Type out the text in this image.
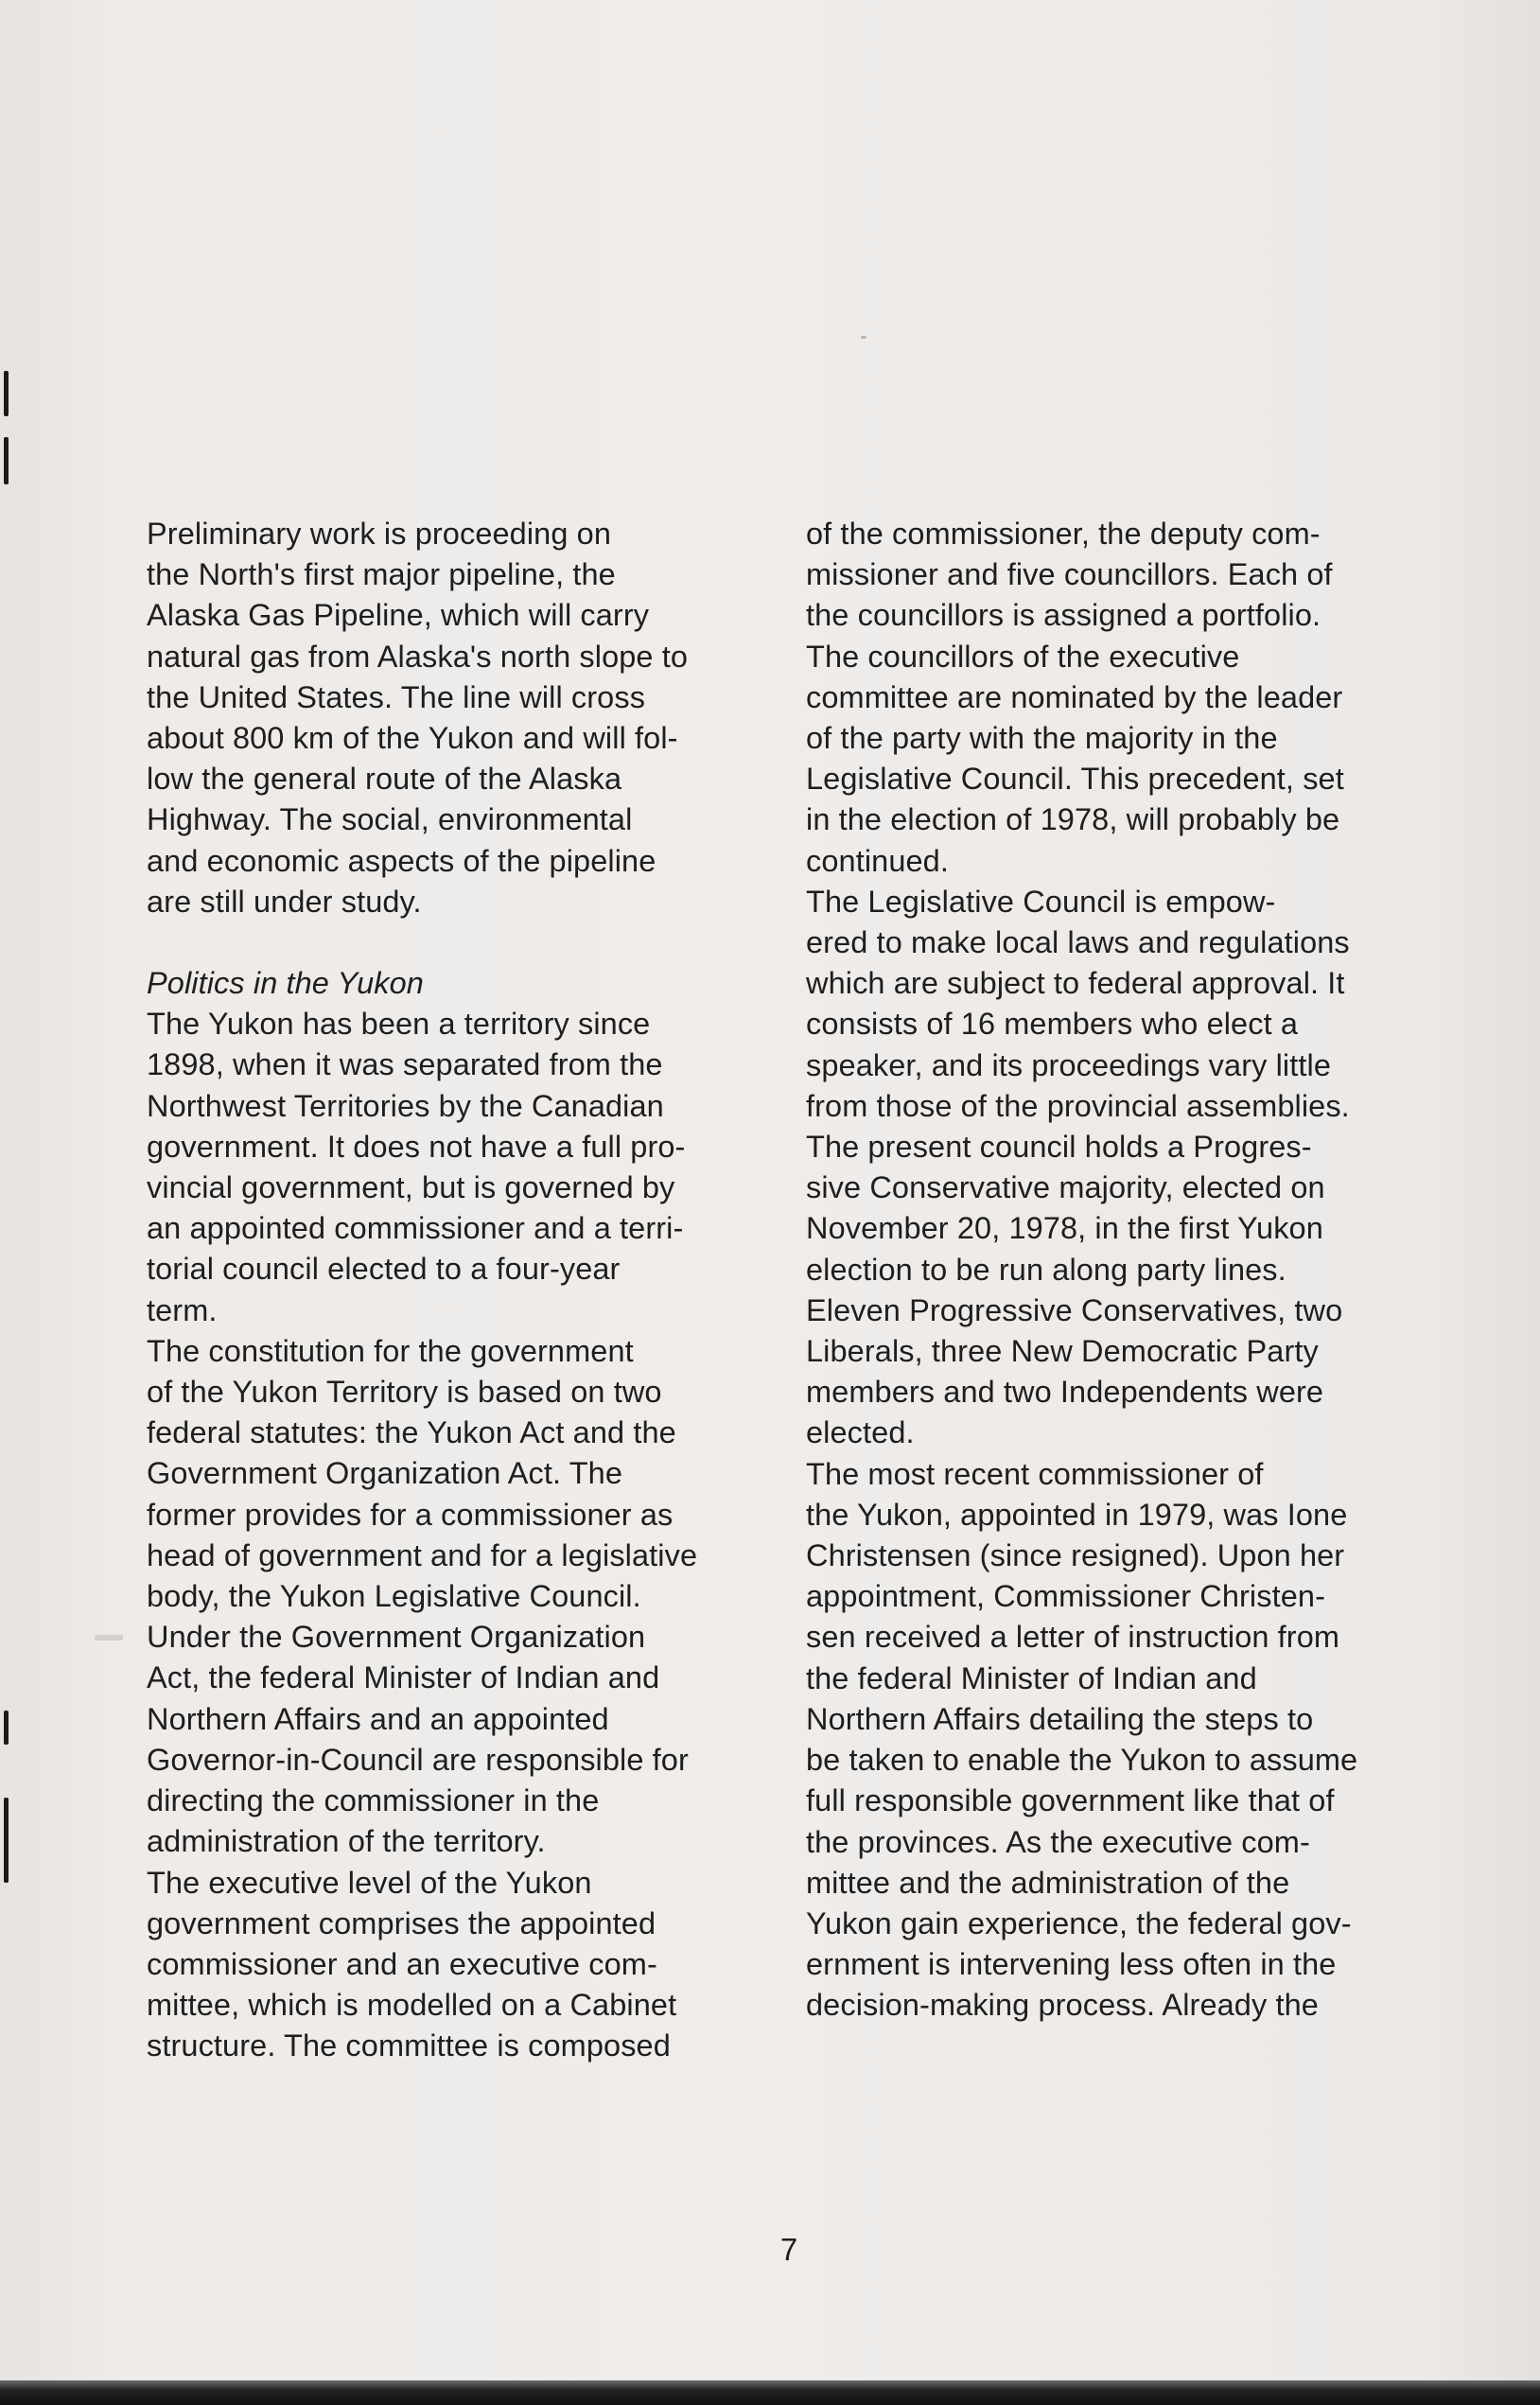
Preliminary work is proceeding on
the North's first major pipeline, the
Alaska Gas Pipeline, which will carry
natural gas from Alaska's north slope to
the United States. The line will cross
about 800 km of the Yukon and will fol-
low the general route of the Alaska
Highway. The social, environmental
and economic aspects of the pipeline
are still under study.

Politics in the Yukon

The Yukon has been a territory since
1898, when it was separated from the
Northwest Territories by the Canadian
government. It does not have a full pro-
vincial government, but is governed by
an appointed commissioner and a terri-
torial council elected to a four-year
term.

The constitution for the government
of the Yukon Territory is based on two
federal statutes: the Yukon Act and the
Government Organization Act. The
former provides for a commissioner as
head of government and for a legislative
body, the Yukon Legislative Council.
Under the Government Organization
Act, the federal Minister of Indian and
Northern Affairs and an appointed
Governor-in-Council are responsible for
directing the commissioner in the
administration of the territory.

The executive level of the Yukon
government comprises the appointed
commissioner and an executive com-
mittee, which is modelled on a Cabinet
structure. The committee is composed

of the commissioner, the deputy com-
missioner and five councillors. Each of
the councillors is assigned a portfolio.

The councillors of the executive
committee are nominated by the leader
of the party with the majority in the
Legislative Council. This precedent, set
in the election of 1978, will probably be
continued.

The Legislative Council is empow-
ered to make local laws and regulations
which are subject to federal approval. It
consists of 16 members who elect a
speaker, and its proceedings vary little
from those of the provincial assemblies.

The present council holds a Progres-
sive Conservative majority, elected on
November 20, 1978, in the first Yukon
election to be run along party lines.
Eleven Progressive Conservatives, two
Liberals, three New Democratic Party
members and two Independents were
elected.

The most recent commissioner of
the Yukon, appointed in 1979, was Ione
Christensen (since resigned). Upon her
appointment, Commissioner Christen-
sen received a letter of instruction from
the federal Minister of Indian and
Northern Affairs detailing the steps to
be taken to enable the Yukon to assume
full responsible government like that of
the provinces. As the executive com-
mittee and the administration of the
Yukon gain experience, the federal gov-
ernment is intervening less often in the
decision-making process. Already the

7
